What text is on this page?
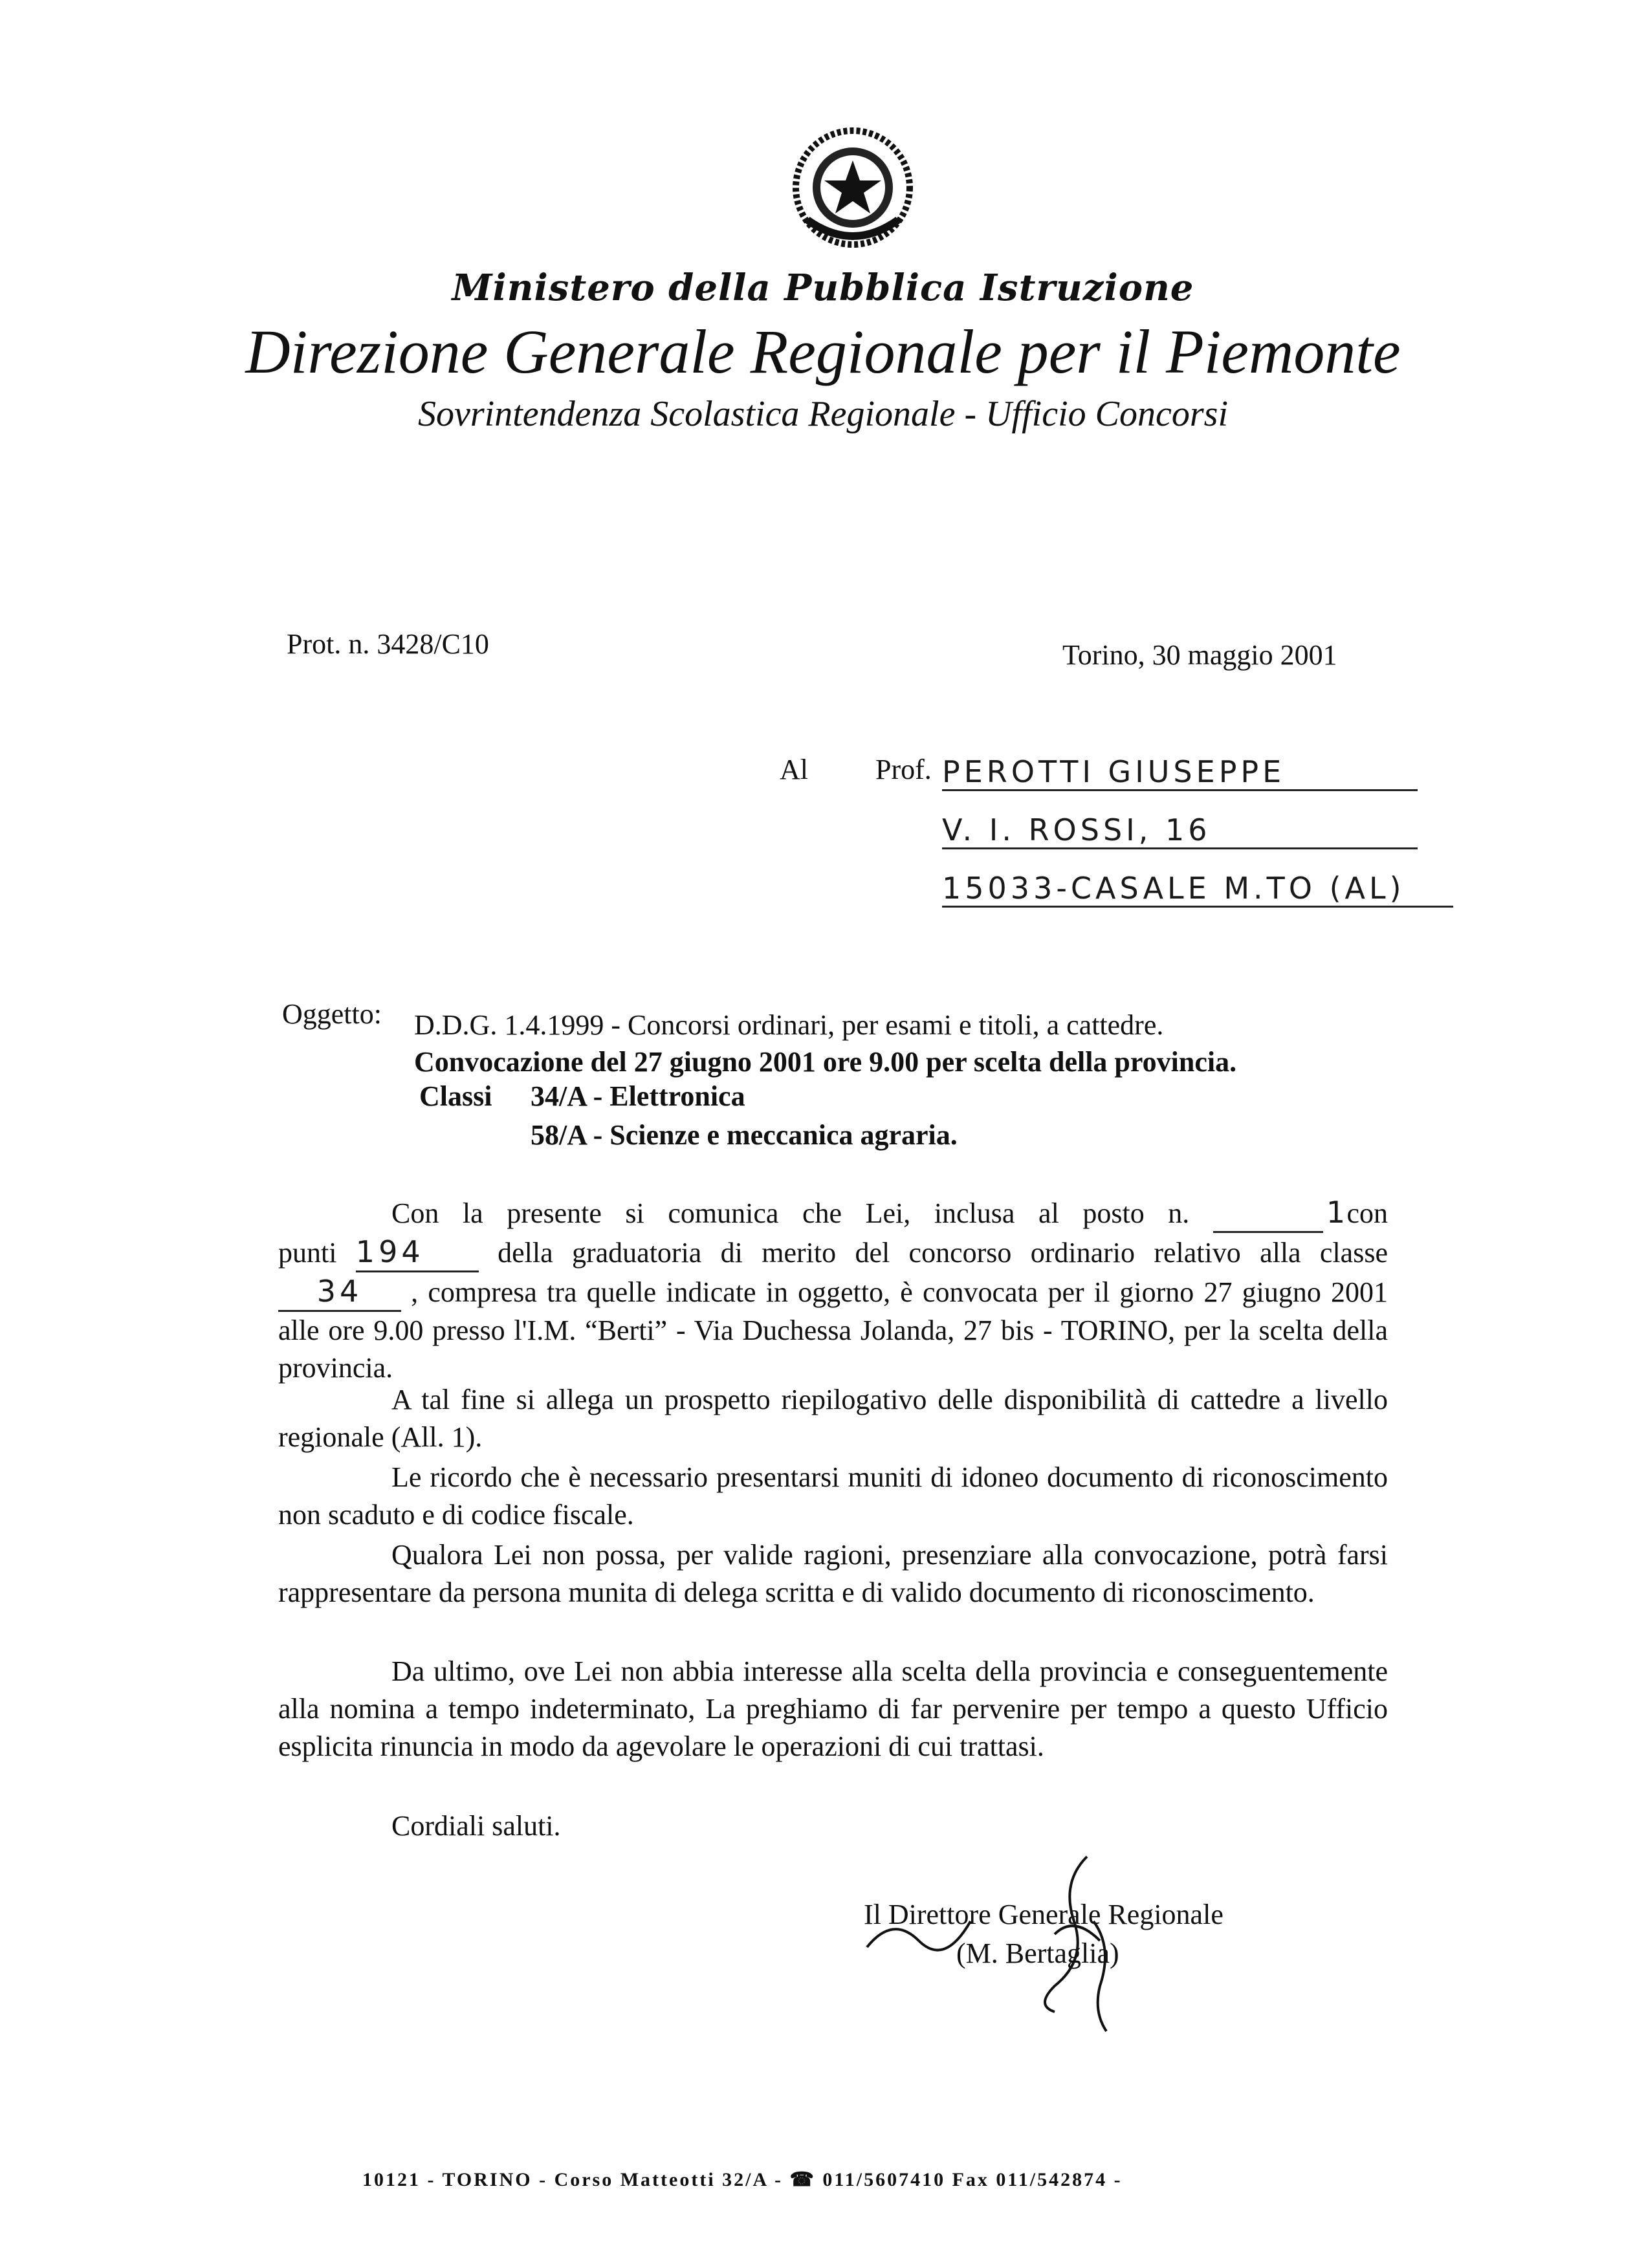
Ministero della Pubblica Istruzione
Direzione Generale Regionale per il Piemonte
Sovrintendenza Scolastica Regionale - Ufficio Concorsi
Prot. n. 3428/C10	Torino, 30 maggio 2001
Al Prof. PEROTTI GIUSEPPE
V. I. ROSSI, 16
15033-CASALE M.TO (AL)
Oggetto: D.D.G. 1.4.1999 - Concorsi ordinari, per esami e titoli, a cattedre.
Convocazione del 27 giugno 2001 ore 9.00 per scelta della provincia.
Classi 34/A - Elettronica
58/A - Scienze e meccanica agraria.

Con la presente si comunica che Lei, inclusa al posto n.	1 con

punti 194	della graduatoria di merito del concorso ordinario relativo alla classe

34 , compresa tra quelle indicate in oggetto, è convocata per il giorno 27 giugno 2001 alle ore 9.00 presso l'I.M. “Berti” - Via Duchessa Jolanda, 27 bis - TORINO, per la scelta della provincia.

A tal fine si allega un prospetto riepilogativo delle disponibilità di cattedre a livello regionale (All. 1).

Le ricordo che è necessario presentarsi muniti di idoneo documento di riconoscimento non scaduto e di codice fiscale.

Qualora Lei non possa, per valide ragioni, presenziare alla convocazione, potrà farsi rappresentare da persona munita di delega scritta e di valido documento di riconoscimento.

Da ultimo, ove Lei non abbia interesse alla scelta della provincia e conseguentemente alla nomina a tempo indeterminato, La preghiamo di far pervenire per tempo a questo Ufficio esplicita rinuncia in modo da agevolare le operazioni di cui trattasi.

Cordiali saluti.
Il Direttore Generale Regionale
(M. Bertaglia)
10121 - TORINO - Corso Matteotti 32/A - ☎ 011/5607410 Fax 011/542874 -
